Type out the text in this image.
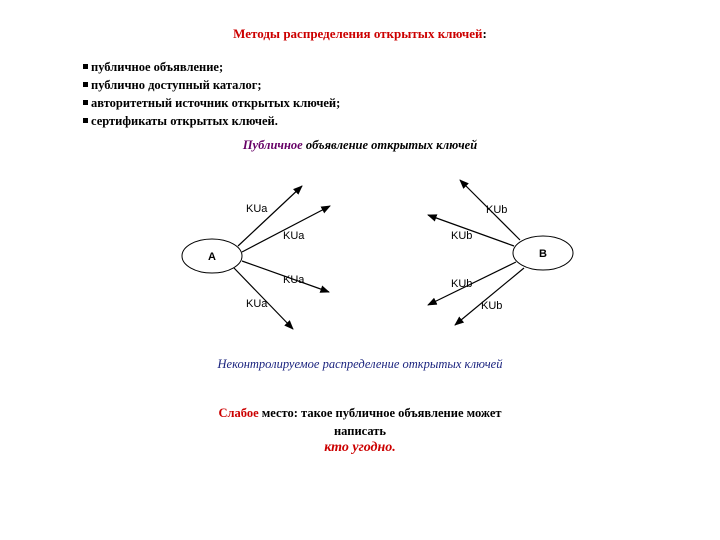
Методы распределения открытых ключей:
публичное объявление;
публично доступный каталог;
авторитетный источник открытых ключей;
сертификаты открытых ключей.
Публичное объявление открытых ключей
A
KUa
KUa
KUa
KUa
B
KUb
KUb
KUb
KUb
Неконтролируемое распределение открытых ключей
Слабое место: такое публичное объявление может
написать
кто угодно.
